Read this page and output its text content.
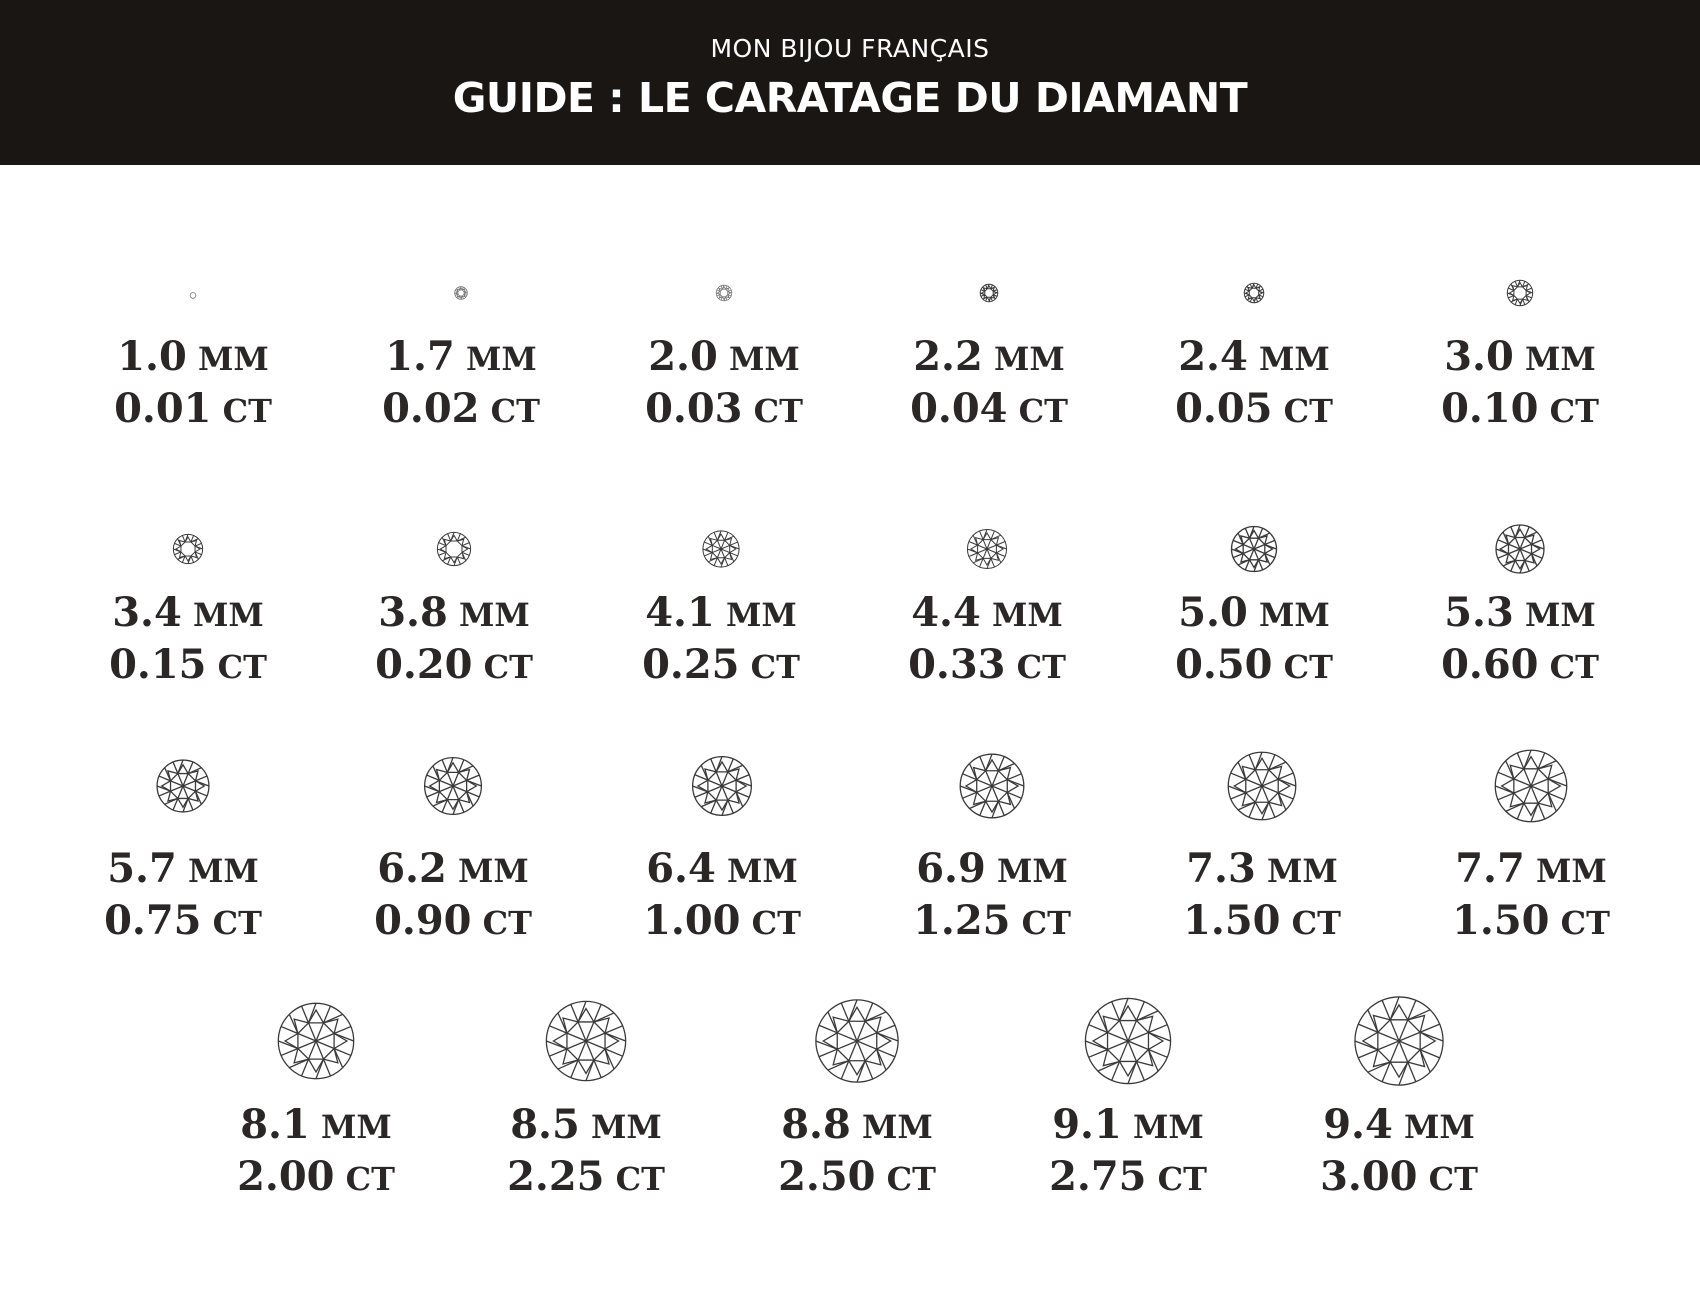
MON BIJOU FRANÇAIS
GUIDE : LE CARATAGE DU DIAMANT
1.0 MM
0.01 CT
1.7 MM
0.02 CT
2.0 MM
0.03 CT
2.2 MM
0.04 CT
2.4 MM
0.05 CT
3.0 MM
0.10 CT
3.4 MM
0.15 CT
3.8 MM
0.20 CT
4.1 MM
0.25 CT
4.4 MM
0.33 CT
5.0 MM
0.50 CT
5.3 MM
0.60 CT
5.7 MM
0.75 CT
6.2 MM
0.90 CT
6.4 MM
1.00 CT
6.9 MM
1.25 CT
7.3 MM
1.50 CT
7.7 MM
1.50 CT
8.1 MM
2.00 CT
8.5 MM
2.25 CT
8.8 MM
2.50 CT
9.1 MM
2.75 CT
9.4 MM
3.00 CT
